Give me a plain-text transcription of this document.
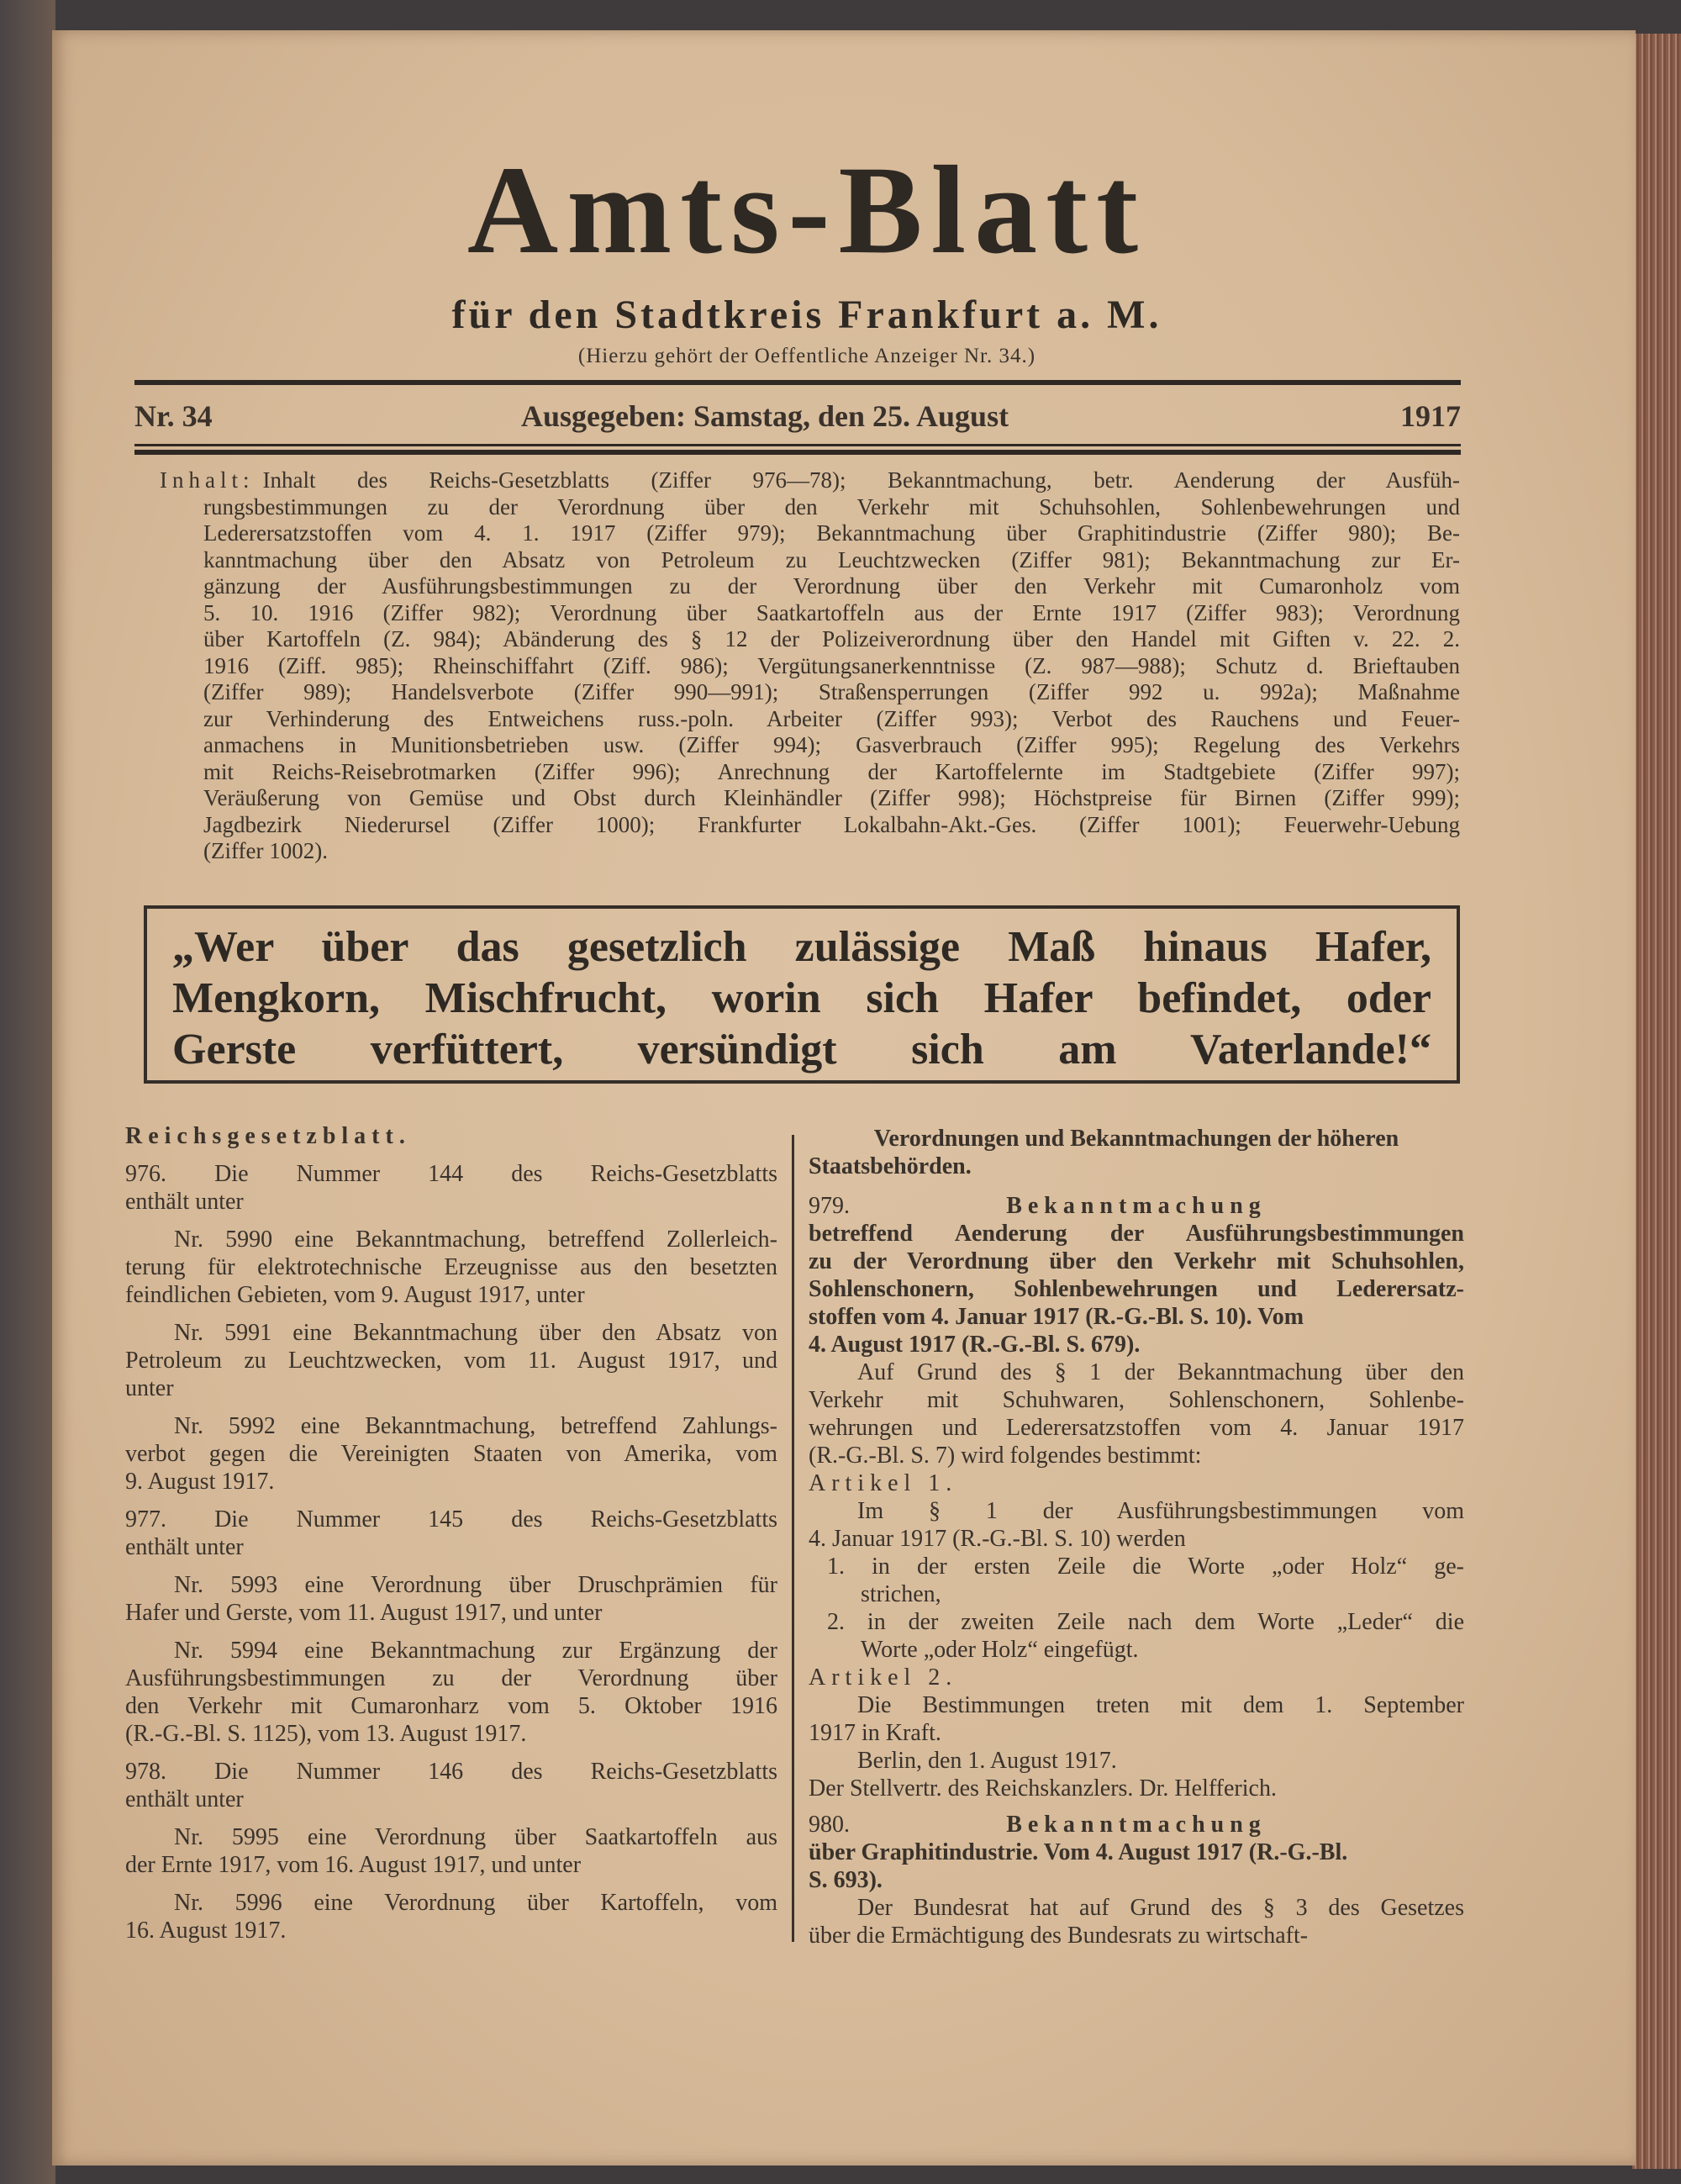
Amts-Blatt
für den Stadtkreis Frankfurt a. M.
(Hierzu gehört der Oeffentliche Anzeiger Nr. 34.)
Nr. 34	Ausgegeben: Samstag, den 25. August	1917
Inhalt: Inhalt des Reichs-Gesetzblatts (Ziffer 976—78); Bekanntmachung, betr. Aenderung der Ausfüh-
rungsbestimmungen zu der Verordnung über den Verkehr mit Schuhsohlen, Sohlenbewehrungen und
Lederersatzstoffen vom 4. 1. 1917 (Ziffer 979); Bekanntmachung über Graphitindustrie (Ziffer 980); Be-
kanntmachung über den Absatz von Petroleum zu Leuchtzwecken (Ziffer 981); Bekanntmachung zur Er-
gänzung der Ausführungsbestimmungen zu der Verordnung über den Verkehr mit Cumaronholz vom
5. 10. 1916 (Ziffer 982); Verordnung über Saatkartoffeln aus der Ernte 1917 (Ziffer 983); Verordnung
über Kartoffeln (Z. 984); Abänderung des § 12 der Polizeiverordnung über den Handel mit Giften v. 22. 2.
1916 (Ziff. 985); Rheinschiffahrt (Ziff. 986); Vergütungsanerkenntnisse (Z. 987—988); Schutz d. Brieftauben
(Ziffer 989); Handelsverbote (Ziffer 990—991); Straßensperrungen (Ziffer 992 u. 992a); Maßnahme
zur Verhinderung des Entweichens russ.-poln. Arbeiter (Ziffer 993); Verbot des Rauchens und Feuer-
anmachens in Munitionsbetrieben usw. (Ziffer 994); Gasverbrauch (Ziffer 995); Regelung des Verkehrs
mit Reichs-Reisebrotmarken (Ziffer 996); Anrechnung der Kartoffelernte im Stadtgebiete (Ziffer 997);
Veräußerung von Gemüse und Obst durch Kleinhändler (Ziffer 998); Höchstpreise für Birnen (Ziffer 999);
Jagdbezirk Niederursel (Ziffer 1000); Frankfurter Lokalbahn-Akt.-Ges. (Ziffer 1001); Feuerwehr-Uebung
(Ziffer 1002).
„Wer über das gesetzlich zulässige Maß hinaus Hafer,
Mengkorn, Mischfrucht, worin sich Hafer befindet, oder
Gerste verfüttert, versündigt sich am Vaterlande!“
Reichsgesetzblatt.
976. Die Nummer 144 des Reichs-Gesetzblatts
enthält unter
Nr. 5990 eine Bekanntmachung, betreffend Zollerleich-
terung für elektrotechnische Erzeugnisse aus den besetzten
feindlichen Gebieten, vom 9. August 1917, unter
Nr. 5991 eine Bekanntmachung über den Absatz von
Petroleum zu Leuchtzwecken, vom 11. August 1917, und
unter
Nr. 5992 eine Bekanntmachung, betreffend Zahlungs-
verbot gegen die Vereinigten Staaten von Amerika, vom
9. August 1917.
977. Die Nummer 145 des Reichs-Gesetzblatts
enthält unter
Nr. 5993 eine Verordnung über Druschprämien für
Hafer und Gerste, vom 11. August 1917, und unter
Nr. 5994 eine Bekanntmachung zur Ergänzung der
Ausführungsbestimmungen zu der Verordnung über
den Verkehr mit Cumaronharz vom 5. Oktober 1916
(R.-G.-Bl. S. 1125), vom 13. August 1917.
978. Die Nummer 146 des Reichs-Gesetzblatts
enthält unter
Nr. 5995 eine Verordnung über Saatkartoffeln aus
der Ernte 1917, vom 16. August 1917, und unter
Nr. 5996 eine Verordnung über Kartoffeln, vom
16. August 1917.
Verordnungen und Bekanntmachungen der höheren
Staatsbehörden.
979.	Bekanntmachung
betreffend Aenderung der Ausführungsbestimmungen
zu der Verordnung über den Verkehr mit Schuhsohlen,
Sohlenschonern, Sohlenbewehrungen und Lederersatz-
stoffen vom 4. Januar 1917 (R.-G.-Bl. S. 10). Vom
4. August 1917 (R.-G.-Bl. S. 679).
Auf Grund des § 1 der Bekanntmachung über den
Verkehr mit Schuhwaren, Sohlenschonern, Sohlenbe-
wehrungen und Lederersatzstoffen vom 4. Januar 1917
(R.-G.-Bl. S. 7) wird folgendes bestimmt:
Artikel 1.
Im § 1 der Ausführungsbestimmungen vom
4. Januar 1917 (R.-G.-Bl. S. 10) werden
1. in der ersten Zeile die Worte „oder Holz“ ge-
strichen,
2. in der zweiten Zeile nach dem Worte „Leder“ die
Worte „oder Holz“ eingefügt.
Artikel 2.
Die Bestimmungen treten mit dem 1. September
1917 in Kraft.
Berlin, den 1. August 1917.
Der Stellvertr. des Reichskanzlers. Dr. Helfferich.
980.	Bekanntmachung
über Graphitindustrie. Vom 4. August 1917 (R.-G.-Bl.
S. 693).
Der Bundesrat hat auf Grund des § 3 des Gesetzes
über die Ermächtigung des Bundesrats zu wirtschaft-
